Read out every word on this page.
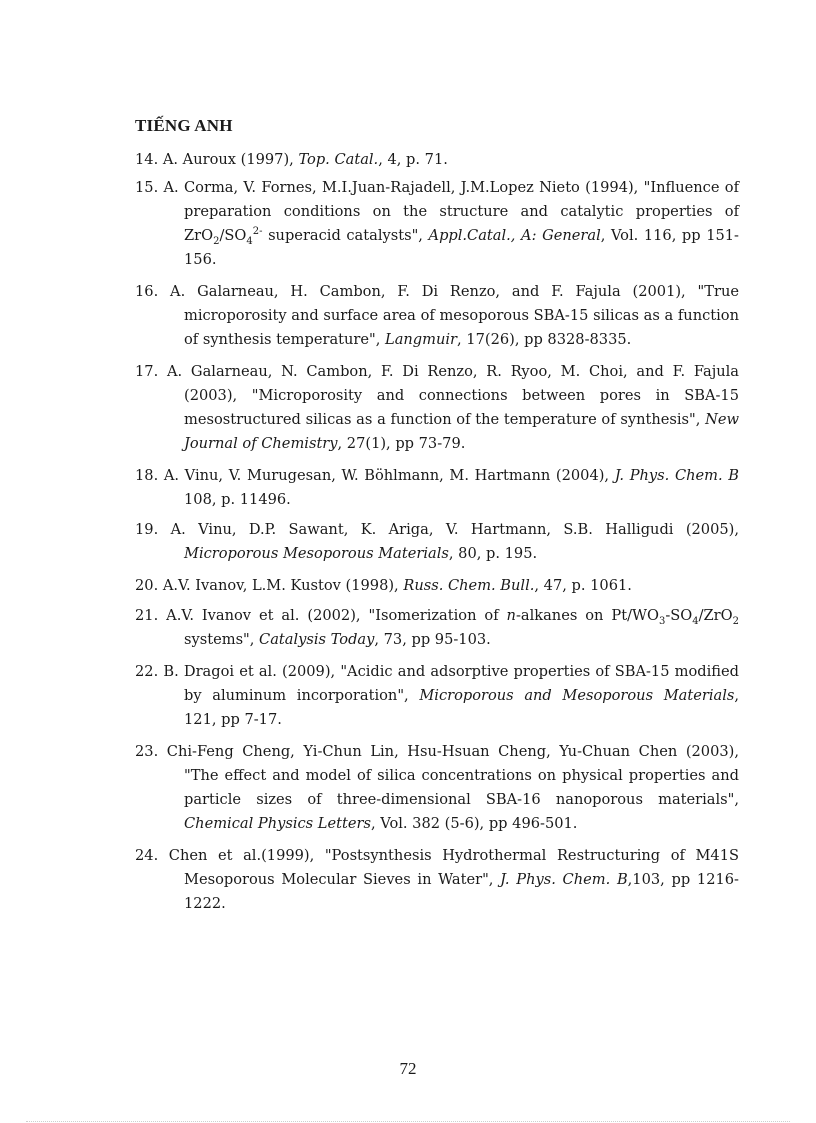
TIẾNG ANH
14. A. Auroux (1997), Top. Catal., 4, p. 71.
15. A. Corma, V. Fornes, M.I.Juan-Rajadell, J.M.Lopez Nieto (1994), "Influence of preparation conditions on the structure and catalytic properties of $ZrO_2/SO_4^{2-}$ superacid catalysts", Appl.Catal., A: General, Vol. 116, pp 151-156.
16. A. Galarneau, H. Cambon, F. Di Renzo, and F. Fajula (2001), "True microporosity and surface area of mesoporous SBA-15 silicas as a function of synthesis temperature", Langmuir, 17(26), pp 8328-8335.
17. A. Galarneau, N. Cambon, F. Di Renzo, R. Ryoo, M. Choi, and F. Fajula (2003), "Microporosity and connections between pores in SBA-15 mesostructured silicas as a function of the temperature of synthesis", New Journal of Chemistry, 27(1), pp 73-79.
18. A. Vinu, V. Murugesan, W. Böhlmann, M. Hartmann (2004), J. Phys. Chem. B 108, p. 11496.
19. A. Vinu, D.P. Sawant, K. Ariga, V. Hartmann, S.B. Halligudi (2005), Microporous Mesoporous Materials, 80, p. 195.
20. A.V. Ivanov, L.M. Kustov (1998), Russ. Chem. Bull., 47, p. 1061.
21. A.V. Ivanov et al. (2002), "Isomerization of n-alkanes on $Pt/WO_3-SO_4/ZrO_2$ systems", Catalysis Today, 73, pp 95-103.
22. B. Dragoi et al. (2009), "Acidic and adsorptive properties of SBA-15 modified by aluminum incorporation", Microporous and Mesoporous Materials, 121, pp 7-17.
23. Chi-Feng Cheng, Yi-Chun Lin, Hsu-Hsuan Cheng, Yu-Chuan Chen (2003), "The effect and model of silica concentrations on physical properties and particle sizes of three-dimensional SBA-16 nanoporous materials", Chemical Physics Letters, Vol. 382 (5-6), pp 496-501.
24. Chen et al.(1999), "Postsynthesis Hydrothermal Restructuring of M41S Mesoporous Molecular Sieves in Water", J. Phys. Chem. B,103, pp 1216-1222.
72
